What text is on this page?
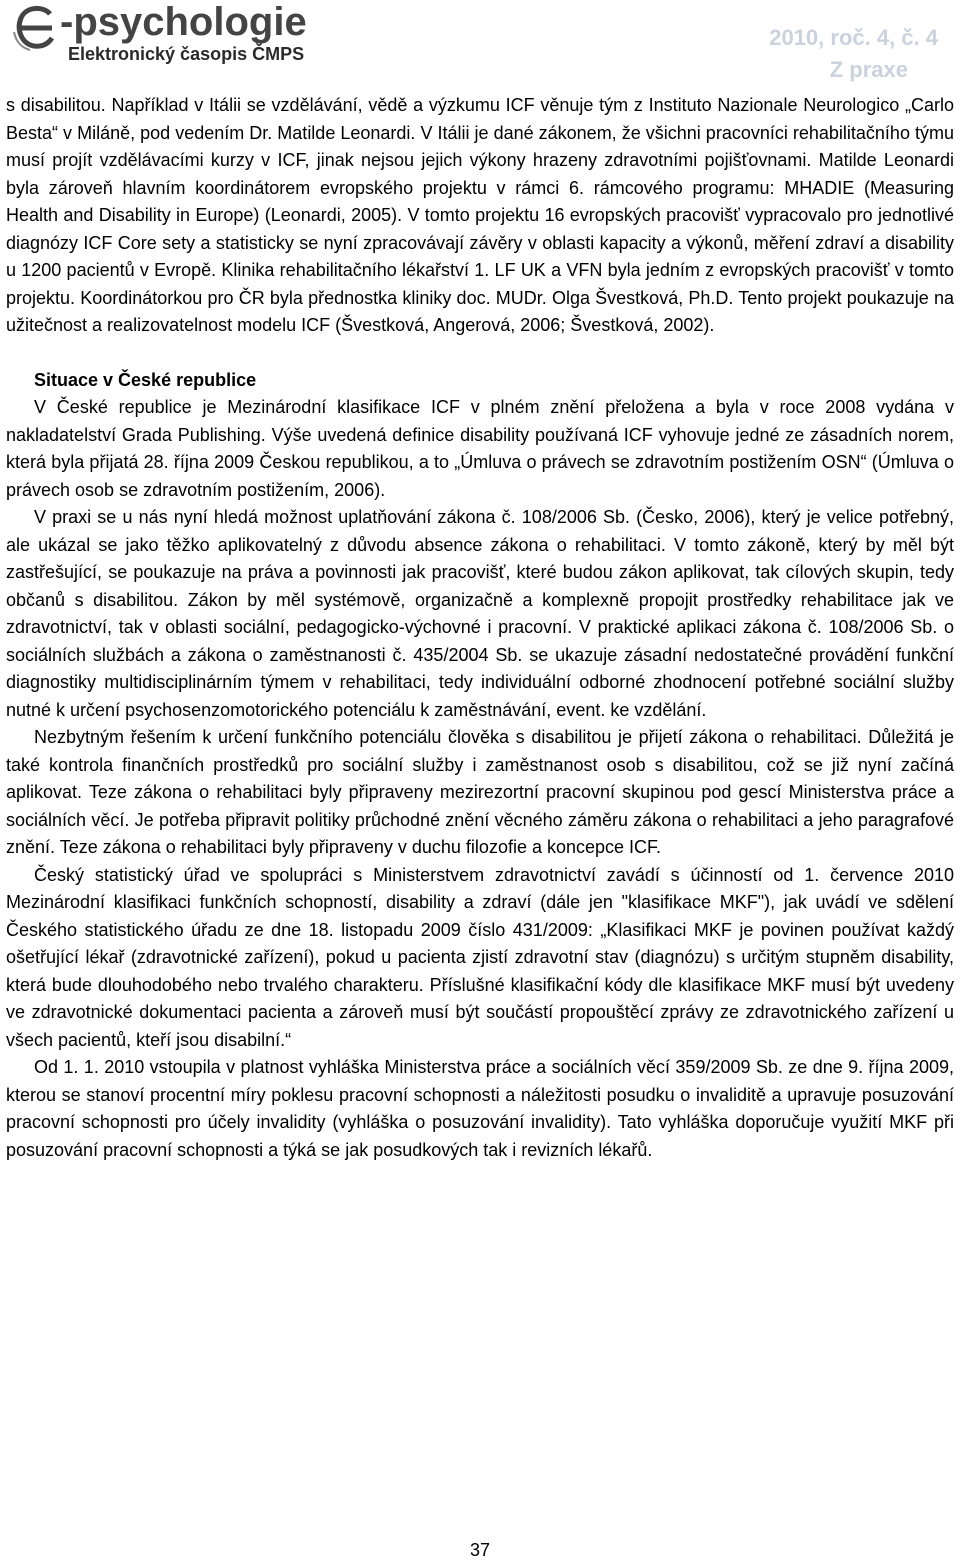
-psychologie
Elektronický časopis ČMPS
2010, roč. 4, č. 4
Z praxe

s disabilitou. Například v Itálii se vzdělávání, vědě a výzkumu ICF věnuje tým z Instituto Nazionale Neurologico „Carlo Besta“ v Miláně, pod vedením Dr. Matilde Leonardi. V Itálii je dané zákonem, že všichni pracovníci rehabilitačního týmu musí projít vzdělávacími kurzy v ICF, jinak nejsou jejich výkony hrazeny zdravotními pojišťovnami. Matilde Leonardi byla zároveň hlavním koordinátorem evropského projektu v rámci 6. rámcového programu: MHADIE (Measuring Health and Disability in Europe) (Leonardi, 2005). V tomto projektu 16 evropských pracovišť vypracovalo pro jednotlivé diagnózy ICF Core sety a statisticky se nyní zpracovávají závěry v oblasti kapacity a výkonů, měření zdraví a disability u 1200 pacientů v Evropě. Klinika rehabilitačního lékařství 1. LF UK a VFN byla jedním z evropských pracovišť v tomto projektu. Koordinátorkou pro ČR byla přednostka kliniky doc. MUDr. Olga Švestková, Ph.D. Tento projekt poukazuje na užitečnost a realizovatelnost modelu ICF (Švestková, Angerová, 2006; Švestková, 2002).

Situace v České republice

V České republice je Mezinárodní klasifikace ICF v plném znění přeložena a byla v roce 2008 vydána v nakladatelství Grada Publishing. Výše uvedená definice disability používaná ICF vyhovuje jedné ze zásadních norem, která byla přijatá 28. října 2009 Českou republikou, a to „Úmluva o právech se zdravotním postižením OSN“ (Úmluva o právech osob se zdravotním postižením, 2006).

V praxi se u nás nyní hledá možnost uplatňování zákona č. 108/2006 Sb. (Česko, 2006), který je velice potřebný, ale ukázal se jako těžko aplikovatelný z důvodu absence zákona o rehabilitaci. V tomto zákoně, který by měl být zastřešující, se poukazuje na práva a povinnosti jak pracovišť, které budou zákon aplikovat, tak cílových skupin, tedy občanů s disabilitou. Zákon by měl systémově, organizačně a komplexně propojit prostředky rehabilitace jak ve zdravotnictví, tak v oblasti sociální, pedagogicko-výchovné i pracovní. V praktické aplikaci zákona č. 108/2006 Sb. o sociálních službách a zákona o zaměstnanosti č. 435/2004 Sb. se ukazuje zásadní nedostatečné provádění funkční diagnostiky multidisciplinárním týmem v rehabilitaci, tedy individuální odborné zhodnocení potřebné sociální služby nutné k určení psychosenzomotorického potenciálu k zaměstnávání, event. ke vzdělání.

Nezbytným řešením k určení funkčního potenciálu člověka s disabilitou je přijetí zákona o rehabilitaci. Důležitá je také kontrola finančních prostředků pro sociální služby i zaměstnanost osob s disabilitou, což se již nyní začíná aplikovat. Teze zákona o rehabilitaci byly připraveny mezirezortní pracovní skupinou pod gescí Ministerstva práce a sociálních věcí. Je potřeba připravit politiky průchodné znění věcného záměru zákona o rehabilitaci a jeho paragrafové znění. Teze zákona o rehabilitaci byly připraveny v duchu filozofie a koncepce ICF.

Český statistický úřad ve spolupráci s Ministerstvem zdravotnictví zavádí s účinností od 1. července 2010 Mezinárodní klasifikaci funkčních schopností, disability a zdraví (dále jen "klasifikace MKF"), jak uvádí ve sdělení Českého statistického úřadu ze dne 18. listopadu 2009 číslo 431/2009: „Klasifikaci MKF je povinen používat každý ošetřující lékař (zdravotnické zařízení), pokud u pacienta zjistí zdravotní stav (diagnózu) s určitým stupněm disability, která bude dlouhodobého nebo trvalého charakteru. Příslušné klasifikační kódy dle klasifikace MKF musí být uvedeny ve zdravotnické dokumentaci pacienta a zároveň musí být součástí propouštěcí zprávy ze zdravotnického zařízení u všech pacientů, kteří jsou disabilní.“

Od 1. 1. 2010 vstoupila v platnost vyhláška Ministerstva práce a sociálních věcí 359/2009 Sb. ze dne 9. října 2009, kterou se stanoví procentní míry poklesu pracovní schopnosti a náležitosti posudku o invaliditě a upravuje posuzování pracovní schopnosti pro účely invalidity (vyhláška o posuzování invalidity). Tato vyhláška doporučuje využití MKF při posuzování pracovní schopnosti a týká se jak posudkových tak i revizních lékařů.

37
